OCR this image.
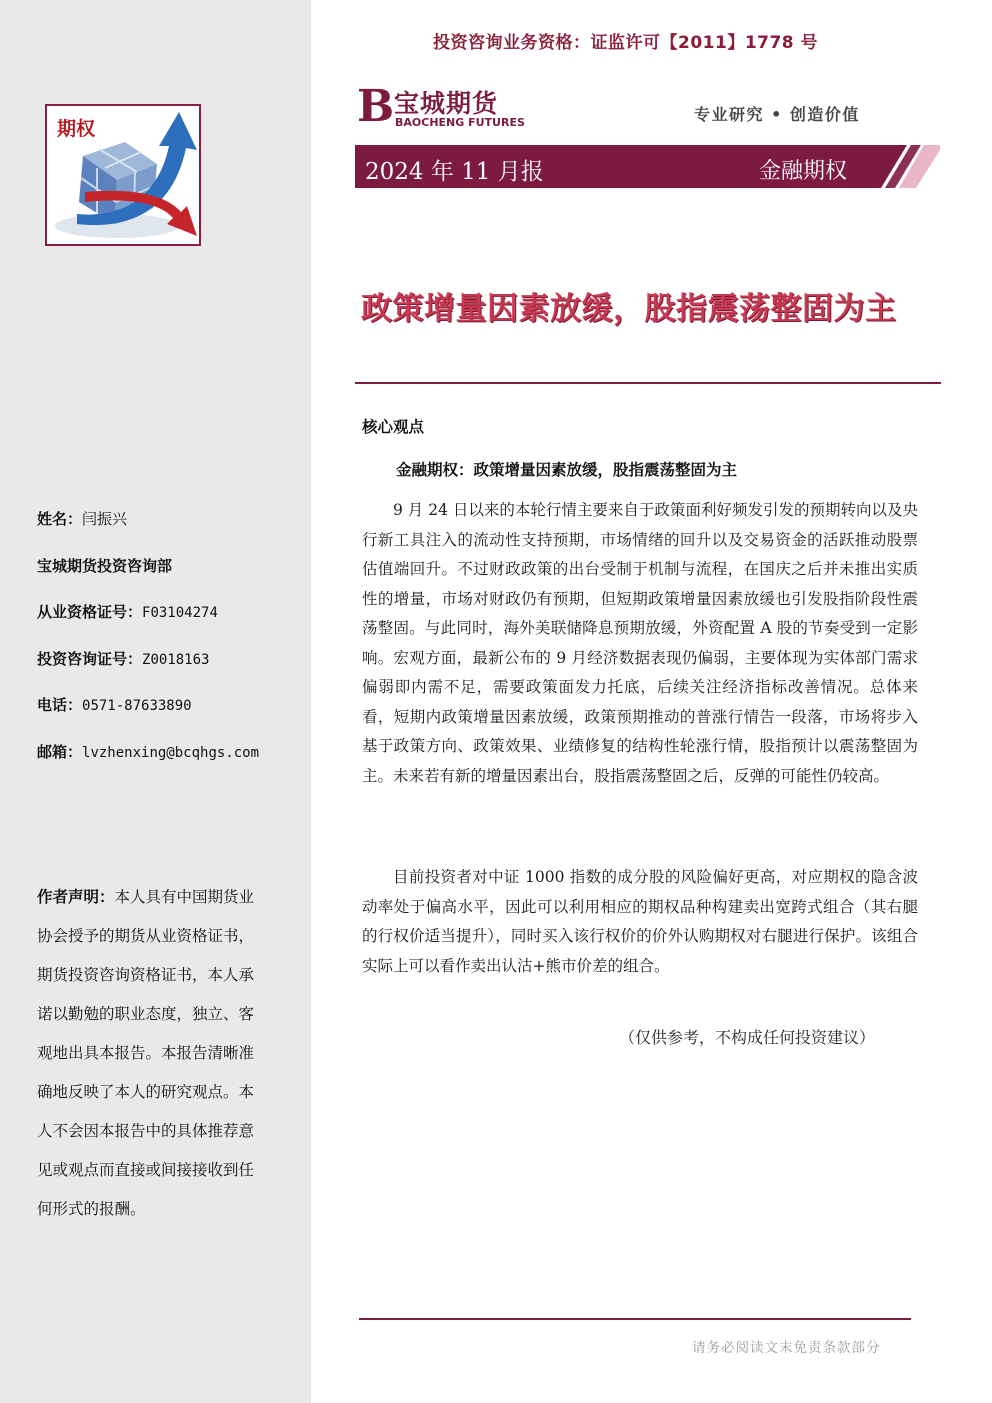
期权
姓名：闫振兴
宝城期货投资咨询部
从业资格证号：F03104274
投资咨询证号：Z0018163
电话：0571-87633890
邮箱：lvzhenxing@bcqhgs.com
作者声明：本人具有中国期货业协会授予的期货从业资格证书，期货投资咨询资格证书，本人承诺以勤勉的职业态度，独立、客观地出具本报告。本报告清晰准确地反映了本人的研究观点。本人不会因本报告中的具体推荐意见或观点而直接或间接接收到任何形式的报酬。
投资咨询业务资格：证监许可【2011】1778 号
B 宝城期货
BAOCHENG FUTURES	专业研究 • 创造价值
2024 年 11 月报	金融期权
政策增量因素放缓，股指震荡整固为主
核心观点
金融期权：政策增量因素放缓，股指震荡整固为主

9 月 24 日以来的本轮行情主要来自于政策面利好频发引发的预期转向以及央行新工具注入的流动性支持预期，市场情绪的回升以及交易资金的活跃推动股票估值端回升。不过财政政策的出台受制于机制与流程，在国庆之后并未推出实质性的增量，市场对财政仍有预期，但短期政策增量因素放缓也引发股指阶段性震荡整固。与此同时，海外美联储降息预期放缓，外资配置 A 股的节奏受到一定影响。宏观方面，最新公布的 9 月经济数据表现仍偏弱，主要体现为实体部门需求偏弱即内需不足，需要政策面发力托底，后续关注经济指标改善情况。总体来看，短期内政策增量因素放缓，政策预期推动的普涨行情告一段落，市场将步入基于政策方向、政策效果、业绩修复的结构性轮涨行情，股指预计以震荡整固为主。未来若有新的增量因素出台，股指震荡整固之后，反弹的可能性仍较高。

目前投资者对中证 1000 指数的成分股的风险偏好更高，对应期权的隐含波动率处于偏高水平，因此可以利用相应的期权品种构建卖出宽跨式组合（其右腿的行权价适当提升），同时买入该行权价的价外认购期权对右腿进行保护。该组合实际上可以看作卖出认沽+熊市价差的组合。

（仅供参考，不构成任何投资建议）
请务必阅读文末免责条款部分
